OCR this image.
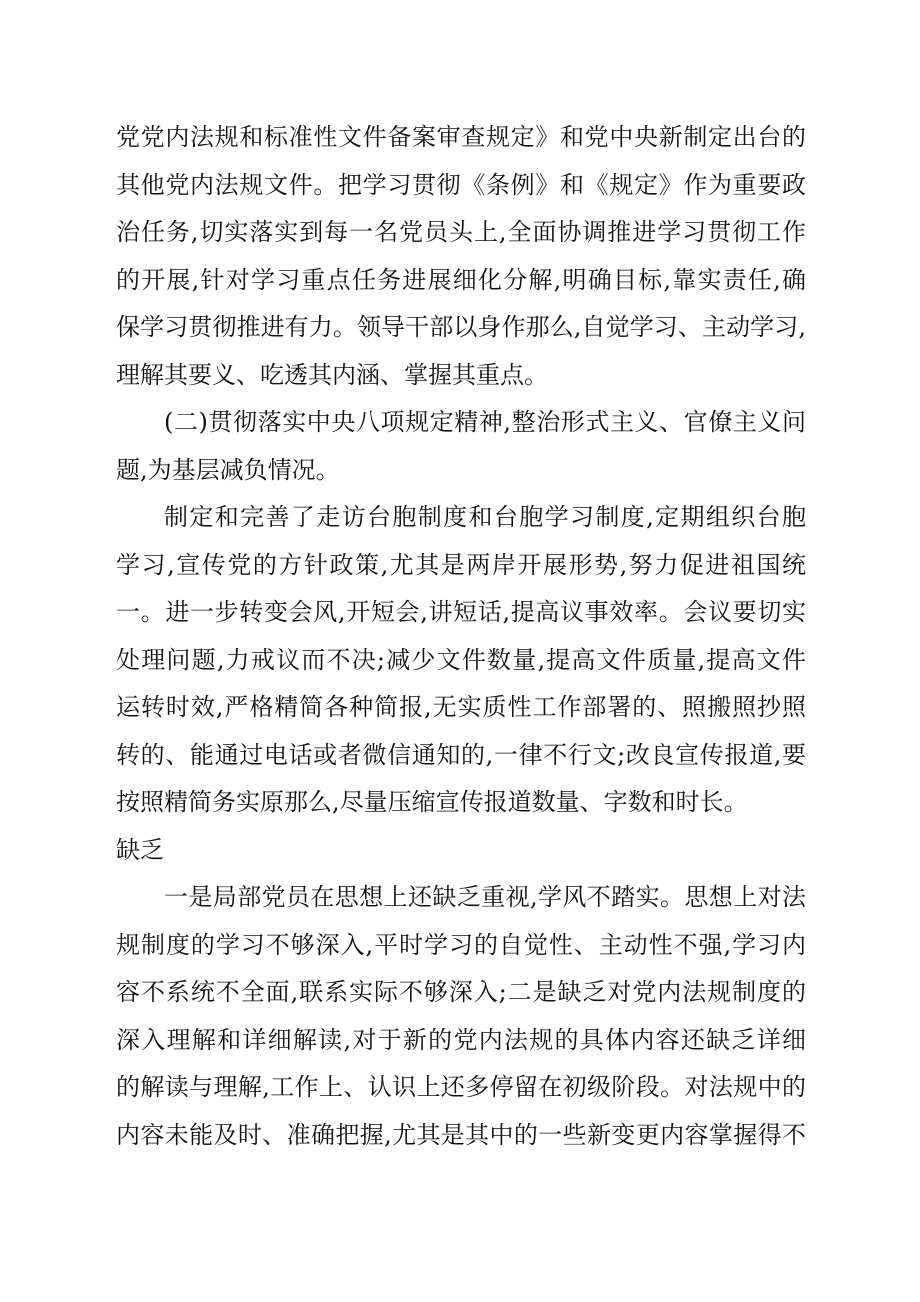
党党内法规和标准性文件备案审查规定》和党中央新制定出台的
其他党内法规文件。把学习贯彻《条例》和《规定》作为重要政
治任务,切实落实到每一名党员头上,全面协调推进学习贯彻工作
的开展,针对学习重点任务进展细化分解,明确目标,靠实责任,确
保学习贯彻推进有力。领导干部以身作那么,自觉学习、主动学习,
理解其要义、吃透其内涵、掌握其重点。
(二)贯彻落实中央八项规定精神,整治形式主义、官僚主义问
题,为基层减负情况。
制定和完善了走访台胞制度和台胞学习制度,定期组织台胞
学习,宣传党的方针政策,尤其是两岸开展形势,努力促进祖国统
一。进一步转变会风,开短会,讲短话,提高议事效率。会议要切实
处理问题,力戒议而不决;减少文件数量,提高文件质量,提高文件
运转时效,严格精简各种简报,无实质性工作部署的、照搬照抄照
转的、能通过电话或者微信通知的,一律不行文;改良宣传报道,要
按照精简务实原那么,尽量压缩宣传报道数量、字数和时长。
缺乏
一是局部党员在思想上还缺乏重视,学风不踏实。思想上对法
规制度的学习不够深入,平时学习的自觉性、主动性不强,学习内
容不系统不全面,联系实际不够深入;二是缺乏对党内法规制度的
深入理解和详细解读,对于新的党内法规的具体内容还缺乏详细
的解读与理解,工作上、认识上还多停留在初级阶段。对法规中的
内容未能及时、准确把握,尤其是其中的一些新变更内容掌握得不
